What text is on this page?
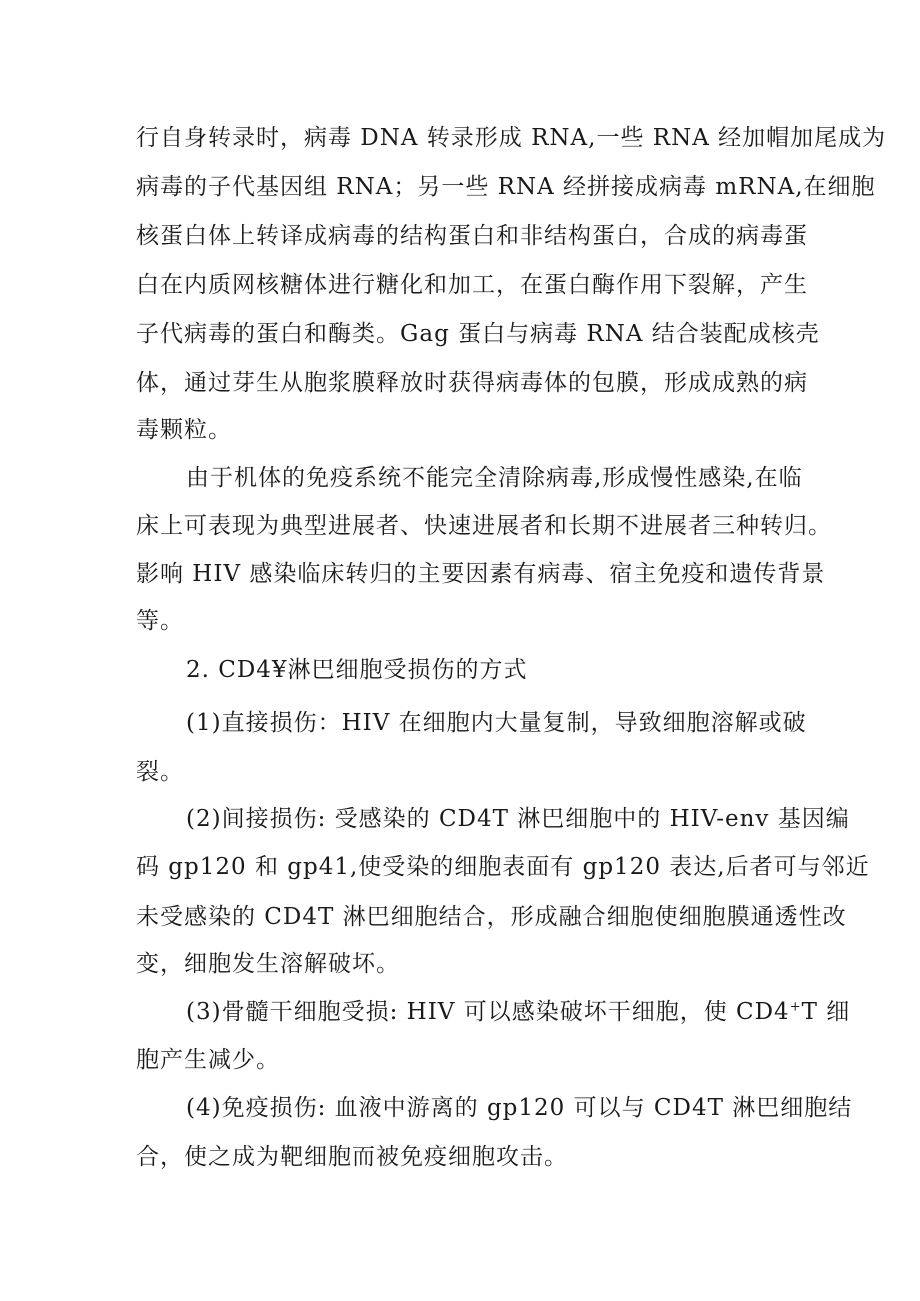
行自身转录时，病毒 DNA 转录形成 RNA,一些 RNA 经加帽加尾成为
病毒的子代基因组 RNA；另一些 RNA 经拼接成病毒 mRNA,在细胞
核蛋白体上转译成病毒的结构蛋白和非结构蛋白，合成的病毒蛋
白在内质网核糖体进行糖化和加工，在蛋白酶作用下裂解，产生
子代病毒的蛋白和酶类。Gag 蛋白与病毒 RNA 结合装配成核壳
体，通过芽生从胞浆膜释放时获得病毒体的包膜，形成成熟的病
毒颗粒。
由于机体的免疫系统不能完全清除病毒,形成慢性感染,在临
床上可表现为典型进展者、快速进展者和长期不进展者三种转归。
影响 HIV 感染临床转归的主要因素有病毒、宿主免疫和遗传背景
等。
2. CD4¥淋巴细胞受损伤的方式
(1)直接损伤：HIV 在细胞内大量复制，导致细胞溶解或破
裂。
(2)间接损伤: 受感染的 CD4T 淋巴细胞中的 HIV-env 基因编
码 gp120 和 gp41,使受染的细胞表面有 gp120 表达,后者可与邻近
未受感染的 CD4T 淋巴细胞结合，形成融合细胞使细胞膜通透性改
变，细胞发生溶解破坏。
(3)骨髓干细胞受损: HIV 可以感染破坏干细胞，使 CD4+T 细
胞产生减少。
(4)免疫损伤: 血液中游离的 gp120 可以与 CD4T 淋巴细胞结
合，使之成为靶细胞而被免疫细胞攻击。
